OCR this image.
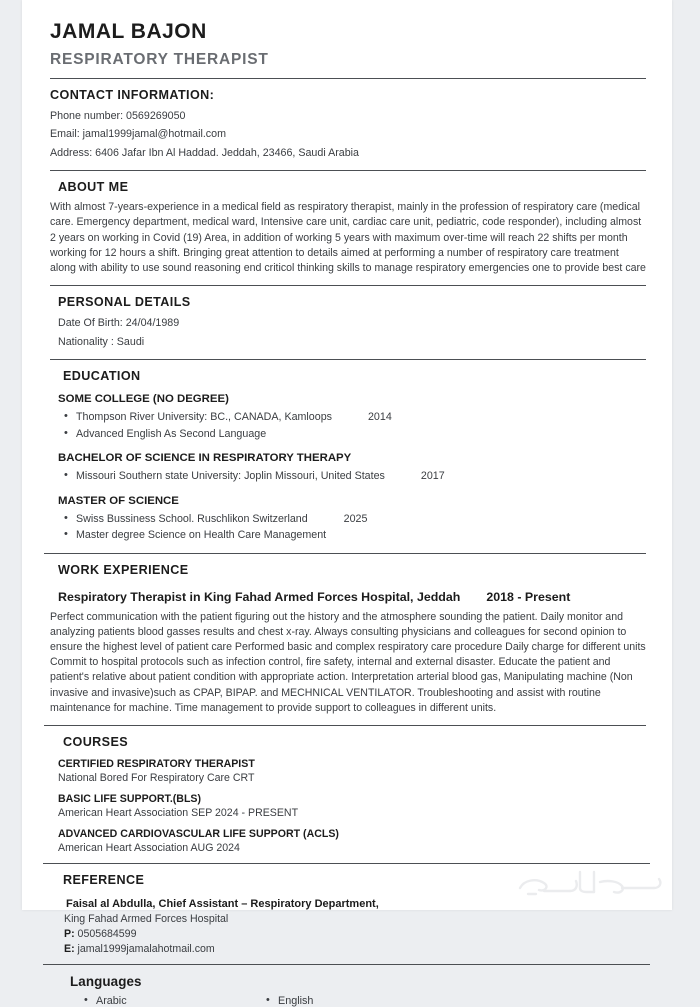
JAMAL BAJON
RESPIRATORY THERAPIST
CONTACT INFORMATION:

Phone number: 0569269050

Email: jamal1999jamal@hotmail.com

Address: 6406 Jafar Ibn Al Haddad. Jeddah, 23466, Saudi Arabia

ABOUT ME

With almost 7-years-experience in a medical field as respiratory therapist, mainly in the profession of respiratory care (medical care. Emergency department, medical ward, Intensive care unit, cardiac care unit, pediatric, code responder), including almost 2 years on working in Covid (19) Area, in addition of working 5 years with maximum over-time will reach 22 shifts per month working for 12 hours a shift. Bringing great attention to details aimed at performing a number of respiratory care treatment along with ability to use sound reasoning end criticol thinking skills to manage respiratory emergencies one to provide best care

PERSONAL DETAILS

Date Of Birth: 24/04/1989

Nationality : Saudi

EDUCATION
SOME COLLEGE (NO DEGREE)
• Thompson River University: BC., CANADA, Kamloops	2014
• Advanced English As Second Language
BACHELOR OF SCIENCE IN RESPIRATORY THERAPY
• Missouri Southern state University: Joplin Missouri, United States	2017
MASTER OF SCIENCE
• Swiss Bussiness School. Ruschlikon Switzerland	2025
• Master degree Science on Health Care Management
WORK EXPERIENCE
Respiratory Therapist in King Fahad Armed Forces Hospital, Jeddah 2018 - Present

Perfect communication with the patient figuring out the history and the atmosphere sounding the patient. Daily monitor and analyzing patients blood gasses results and chest x-ray. Always consulting physicians and colleagues for second opinion to ensure the highest level of patient care Performed basic and complex respiratory care procedure Daily charge for different units Commit to hospital protocols such as infection control, fire safety, internal and external disaster. Educate the patient and patient's relative about patient condition with appropriate action. Interpretation arterial blood gas, Manipulating machine (Non invasive and invasive)such as CPAP, BIPAP. and MECHNICAL VENTILATOR. Troubleshooting and assist with routine maintenance for machine. Time management to provide support to colleagues in different units.

COURSES
CERTIFIED RESPIRATORY THERAPIST
National Bored For Respiratory Care CRT
BASIC LIFE SUPPORT.(BLS)
American Heart Association SEP 2024 - PRESENT
ADVANCED CARDIOVASCULAR LIFE SUPPORT (ACLS)
American Heart Association AUG 2024
REFERENCE
Faisal al Abdulla, Chief Assistant – Respiratory Department,
King Fahad Armed Forces Hospital
P: 0505684599
E: jamal1999jamalahotmail.com
Languages
• Arabic	• English
